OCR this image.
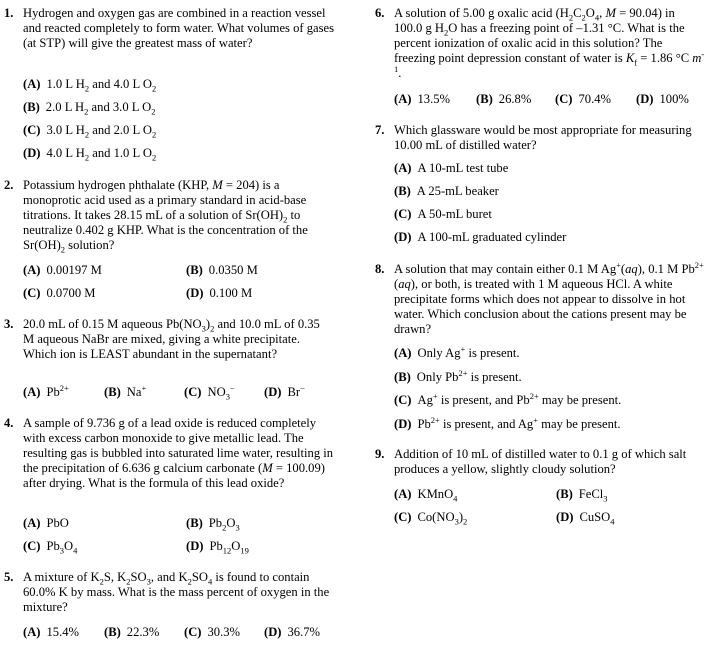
1. Hydrogen and oxygen gas are combined in a reaction vessel and reacted completely to form water. What volumes of gases (at STP) will give the greatest mass of water?
(A) 1.0 L $H_2$ and 4.0 L $O_2$
(B) 2.0 L $H_2$ and 3.0 L $O_2$
(C) 3.0 L $H_2$ and 2.0 L $O_2$
(D) 4.0 L $H_2$ and 1.0 L $O_2$
2. Potassium hydrogen phthalate (KHP, M = 204) is a monoprotic acid used as a primary standard in acid-base titrations. It takes 28.15 mL of a solution of $Sr(OH)_2$ to neutralize 0.402 g KHP. What is the concentration of the $Sr(OH)_2$ solution?
(A) 0.00197 M	(B) 0.0350 M
(C) 0.0700 M	(D) 0.100 M
3. 20.0 mL of 0.15 M aqueous $Pb(NO_3)_2$ and 10.0 mL of 0.35 M aqueous NaBr are mixed, giving a white precipitate. Which ion is LEAST abundant in the supernatant?
(A) $Pb^{2+}$	(B) Na+	(C) $NO_3^-$ (D) Br−
4. A sample of 9.736 g of a lead oxide is reduced completely with excess carbon monoxide to give metallic lead. The resulting gas is bubbled into saturated lime water, resulting in the precipitation of 6.636 g calcium carbonate (M = 100.09) after drying. What is the formula of this lead oxide?
(A) PbO	(B) $Pb_2O_3$
(C) $Pb_3O_4$	(D) $Pb_{12}O_{19}$
5. A mixture of $K_2S$, $K_2SO_3$, and $K_2SO_4$ is found to contain 60.0% K by mass. What is the mass percent of oxygen in the mixture?
(A) 15.4% (B) 22.3% (C) 30.3% (D) 36.7%
6. A solution of 5.00 g oxalic acid ($H_2C_2O_4$, M = 90.04) in 100.0 g $H_2O$ has a freezing point of –1.31 °C. What is the percent ionization of oxalic acid in this solution? The freezing point depression constant of water is $K_f = 1.86$ °C $m^{-1}$.
(A) 13.5% (B) 26.8% (C) 70.4% (D) 100%
7. Which glassware would be most appropriate for measuring 10.00 mL of distilled water?
(A) A 10-mL test tube
(B) A 25-mL beaker
(C) A 50-mL buret
(D) A 100-mL graduated cylinder
8. A solution that may contain either 0.1 M Ag+(aq), 0.1 M $Pb^{2+}(aq)$, or both, is treated with 1 M aqueous HCl. A white precipitate forms which does not appear to dissolve in hot water. Which conclusion about the cations present may be drawn?
(A) Only Ag+ is present.
(B) Only $Pb^{2+}$ is present.
(C) Ag+ is present, and $Pb^{2+}$ may be present.
(D) $Pb^{2+}$ is present, and Ag+ may be present.
9. Addition of 10 mL of distilled water to 0.1 g of which salt produces a yellow, slightly cloudy solution?
(A) KMnO$_4$	(B) FeCl$_3$
(C) $Co(NO_3)_2$	(D) CuSO$_4$
